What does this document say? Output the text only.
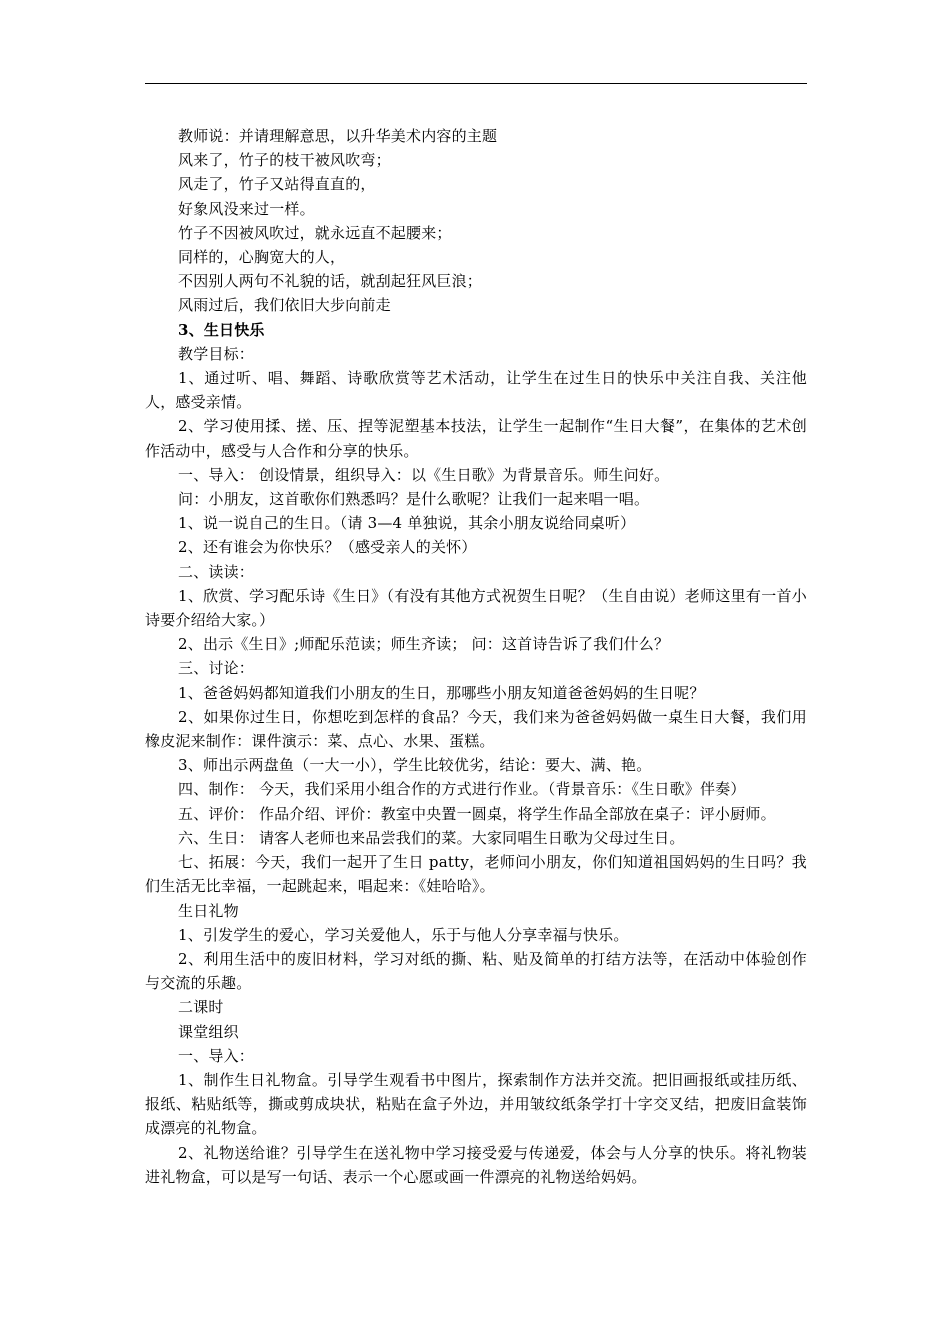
教师说：并请理解意思，以升华美术内容的主题

风来了，竹子的枝干被风吹弯；

风走了，竹子又站得直直的，

好象风没来过一样。

竹子不因被风吹过，就永远直不起腰来；

同样的，心胸宽大的人，

不因别人两句不礼貌的话，就刮起狂风巨浪；

风雨过后，我们依旧大步向前走

3、生日快乐

教学目标：

1、通过听、唱、舞蹈、诗歌欣赏等艺术活动，让学生在过生日的快乐中关注自我、关注他人，感受亲情。

2、学习使用揉、搓、压、捏等泥塑基本技法，让学生一起制作“生日大餐”，在集体的艺术创作活动中，感受与人合作和分享的快乐。

一、导入： 创设情景，组织导入：以《生日歌》为背景音乐。师生问好。

问：小朋友，这首歌你们熟悉吗？是什么歌呢？让我们一起来唱一唱。

1、说一说自己的生日。（请 3—4 单独说，其余小朋友说给同桌听）

2、还有谁会为你快乐？（感受亲人的关怀）

二、读读：

1、欣赏、学习配乐诗《生日》（有没有其他方式祝贺生日呢？（生自由说）老师这里有一首小诗要介绍给大家。）

2、出示《生日》;师配乐范读；师生齐读； 问：这首诗告诉了我们什么？

三、讨论：

1、爸爸妈妈都知道我们小朋友的生日，那哪些小朋友知道爸爸妈妈的生日呢？

2、如果你过生日，你想吃到怎样的食品？今天，我们来为爸爸妈妈做一桌生日大餐，我们用橡皮泥来制作：课件演示：菜、点心、水果、蛋糕。

3、师出示两盘鱼（一大一小），学生比较优劣，结论：要大、满、艳。

四、制作： 今天，我们采用小组合作的方式进行作业。（背景音乐：《生日歌》伴奏）

五、评价： 作品介绍、评价：教室中央置一圆桌，将学生作品全部放在桌子：评小厨师。

六、生日： 请客人老师也来品尝我们的菜。大家同唱生日歌为父母过生日。

七、拓展：今天，我们一起开了生日 patty，老师问小朋友，你们知道祖国妈妈的生日吗？我们生活无比幸福，一起跳起来，唱起来：《娃哈哈》。

生日礼物

1、引发学生的爱心，学习关爱他人，乐于与他人分享幸福与快乐。

2、利用生活中的废旧材料，学习对纸的撕、粘、贴及简单的打结方法等，在活动中体验创作与交流的乐趣。

二课时

课堂组织

一、导入：

1、制作生日礼物盒。引导学生观看书中图片，探索制作方法并交流。把旧画报纸或挂历纸、报纸、粘贴纸等，撕或剪成块状，粘贴在盒子外边，并用皱纹纸条学打十字交叉结，把废旧盒装饰成漂亮的礼物盒。

2、礼物送给谁？引导学生在送礼物中学习接受爱与传递爱，体会与人分享的快乐。将礼物装进礼物盒，可以是写一句话、表示一个心愿或画一件漂亮的礼物送给妈妈。
